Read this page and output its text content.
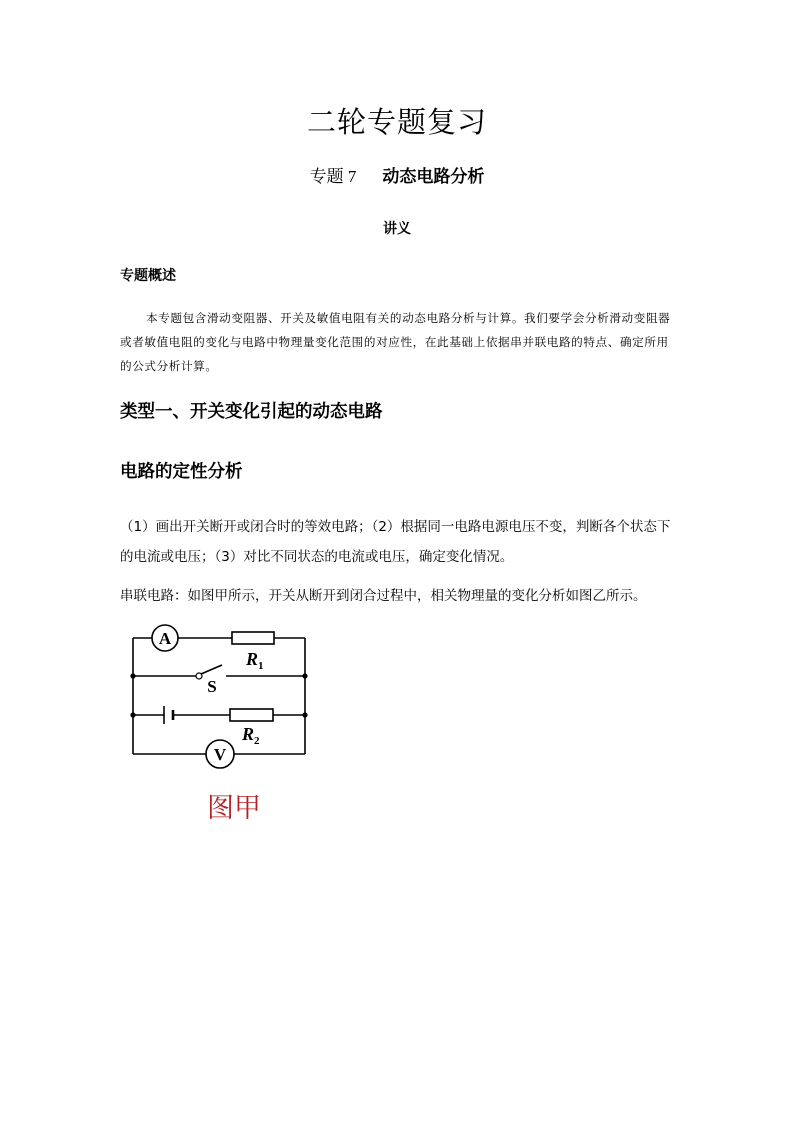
二轮专题复习
专题 7 动态电路分析
讲义
专题概述
本专题包含滑动变阻器、开关及敏值电阻有关的动态电路分析与计算。我们要学会分析滑动变阻器或者敏值电阻的变化与电路中物理量变化范围的对应性，在此基础上依据串并联电路的特点、确定所用的公式分析计算。
类型一、开关变化引起的动态电路
电路的定性分析
（1）画出开关断开或闭合时的等效电路；（2）根据同一电路电源电压不变，判断各个状态下的电流或电压；（3）对比不同状态的电流或电压，确定变化情况。
串联电路：如图甲所示，开关从断开到闭合过程中，相关物理量的变化分析如图乙所示。
A
V
$R_1$
$R_2$
S
图甲
